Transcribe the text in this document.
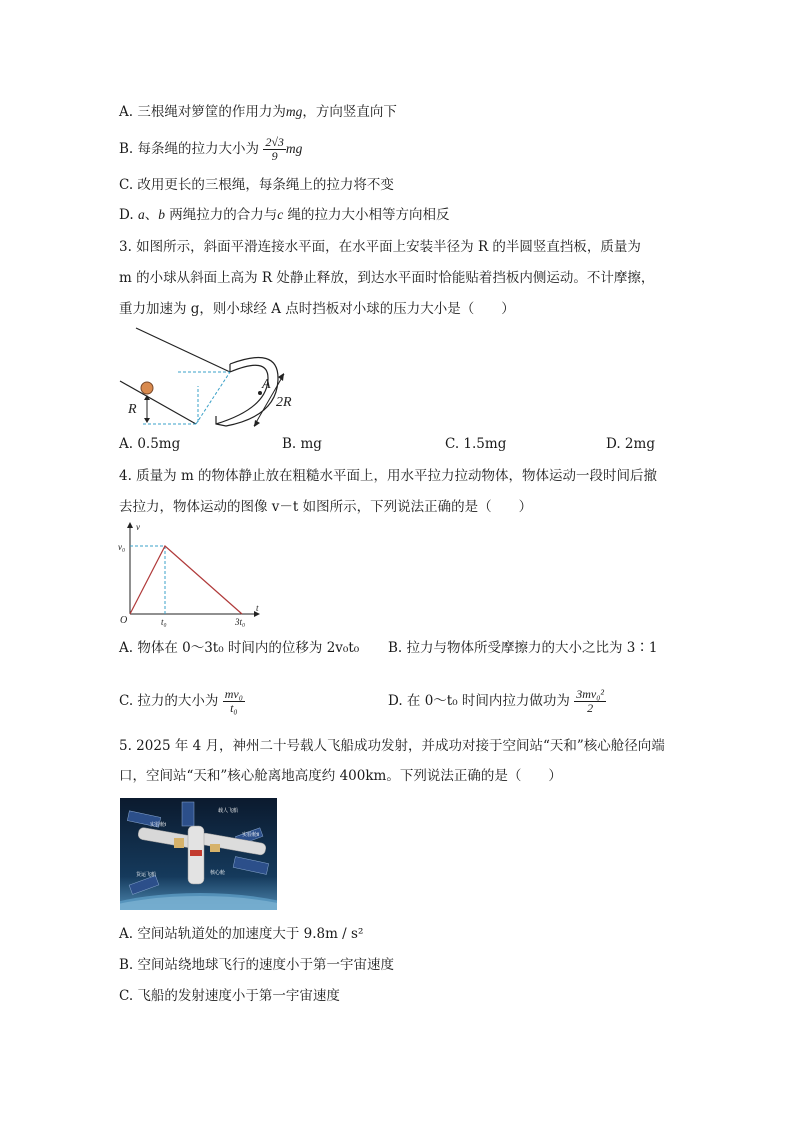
A. 三根绳对箩筐的作用力为mg，方向竖直向下
B. 每条绳的拉力大小为 $\frac{2√3}{9}$ mg
C. 改用更长的三根绳，每条绳上的拉力将不变
D. a、b 两绳拉力的合力与c 绳的拉力大小相等方向相反
3. 如图所示，斜面平滑连接水平面，在水平面上安装半径为 R 的半圆竖直挡板，质量为
m 的小球从斜面上高为 R 处静止释放，到达水平面时恰能贴着挡板内侧运动。不计摩擦，
重力加速为 g，则小球经 A 点时挡板对小球的压力大小是（　　）
R
A
2R
A. 0.5mg	B. mg	C. 1.5mg	D. 2mg
4. 质量为 m 的物体静止放在粗糙水平面上，用水平拉力拉动物体，物体运动一段时间后撤
去拉力，物体运动的图像 v－t 如图所示，下列说法正确的是（　　）
v
v₀
O	t₀	3t₀
t
A. 物体在 0～3t₀ 时间内的位移为 2v₀t₀ B. 拉力与物体所受摩擦力的大小之比为 3∶1
C. 拉力的大小为 $\frac{\text{mv₀}}{\text{t₀}}$	D. 在 0～t₀ 时间内拉力做功为 $\frac{\text{3mv₀²}}{2}$
5. 2025 年 4 月，神州二十号载人飞船成功发射，并成功对接于空间站“天和”核心舱径向端
口，空间站“天和”核心舱离地高度约 400km。下列说法正确的是（　　）
实验舱Ⅰ
载人飞船
实验舱Ⅱ
核心舱
货运飞船
A. 空间站轨道处的加速度大于 9.8m / s²
B. 空间站绕地球飞行的速度小于第一宇宙速度
C. 飞船的发射速度小于第一宇宙速度
